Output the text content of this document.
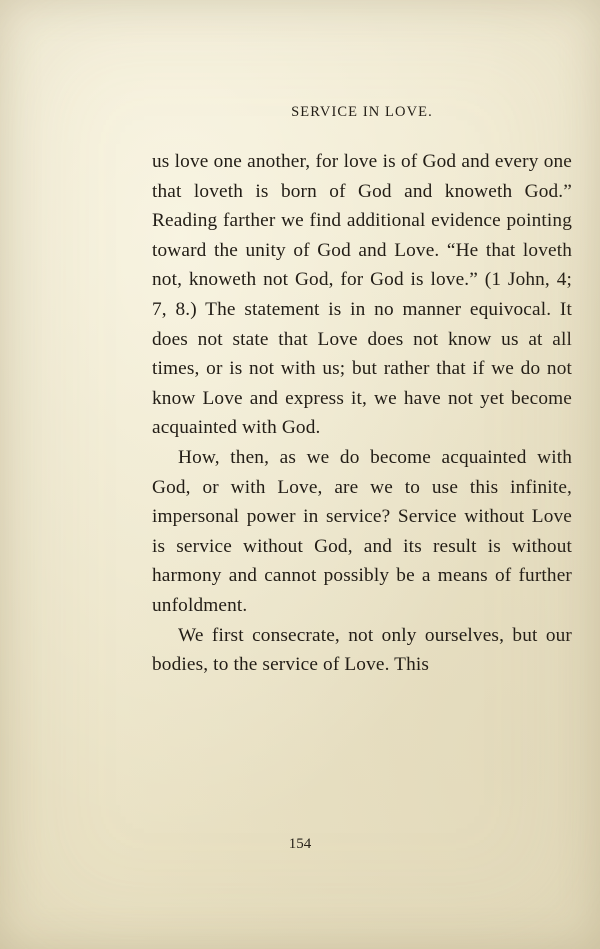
SERVICE IN LOVE.

us love one another, for love is of God and every one that loveth is born of God and knoweth God.” Reading farther we find additional evidence pointing toward the unity of God and Love. “He that loveth not, knoweth not God, for God is love.” (1 John, 4; 7, 8.) The statement is in no manner equivocal. It does not state that Love does not know us at all times, or is not with us; but rather that if we do not know Love and express it, we have not yet become acquainted with God.

How, then, as we do become acquainted with God, or with Love, are we to use this infinite, impersonal power in service? Service without Love is service without God, and its result is without harmony and cannot possibly be a means of further unfoldment.

We first consecrate, not only ourselves, but our bodies, to the service of Love. This

154
